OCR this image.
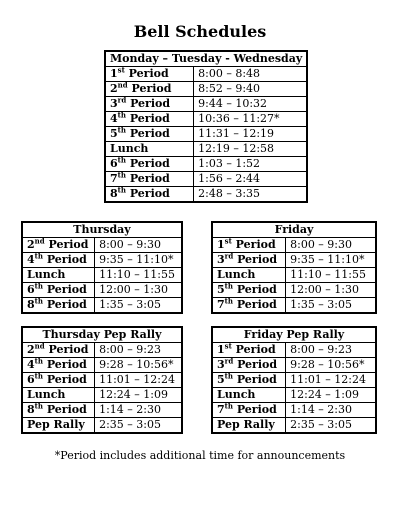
Bell Schedules
Monday – Tuesday - Wednesday	
1st Period	8:00 – 8:48
2nd Period	8:52 – 9:40
3rd Period	9:44 – 10:32
4th Period	10:36 – 11:27*
5th Period	11:31 – 12:19
Lunch	12:19 – 12:58
6th Period	1:03 – 1:52
7th Period	1:56 – 2:44
8th Period	2:48 – 3:35
Thursday	
2nd Period	8:00 – 9:30
4th Period	9:35 – 11:10*
Lunch	11:10 – 11:55
6th Period	12:00 – 1:30
8th Period	1:35 – 3:05
Friday	
1st Period	8:00 – 9:30
3rd Period	9:35 – 11:10*
Lunch	11:10 – 11:55
5th Period	12:00 – 1:30
7th Period	1:35 – 3:05
Thursday Pep Rally	
2nd Period	8:00 – 9:23
4th Period	9:28 – 10:56*
6th Period	11:01 – 12:24
Lunch	12:24 – 1:09
8th Period	1:14 – 2:30
Pep Rally	2:35 – 3:05
Friday Pep Rally	
1st Period	8:00 – 9:23
3rd Period	9:28 – 10:56*
5th Period	11:01 – 12:24
Lunch	12:24 – 1:09
7th Period	1:14 – 2:30
Pep Rally	2:35 – 3:05
*Period includes additional time for announcements
